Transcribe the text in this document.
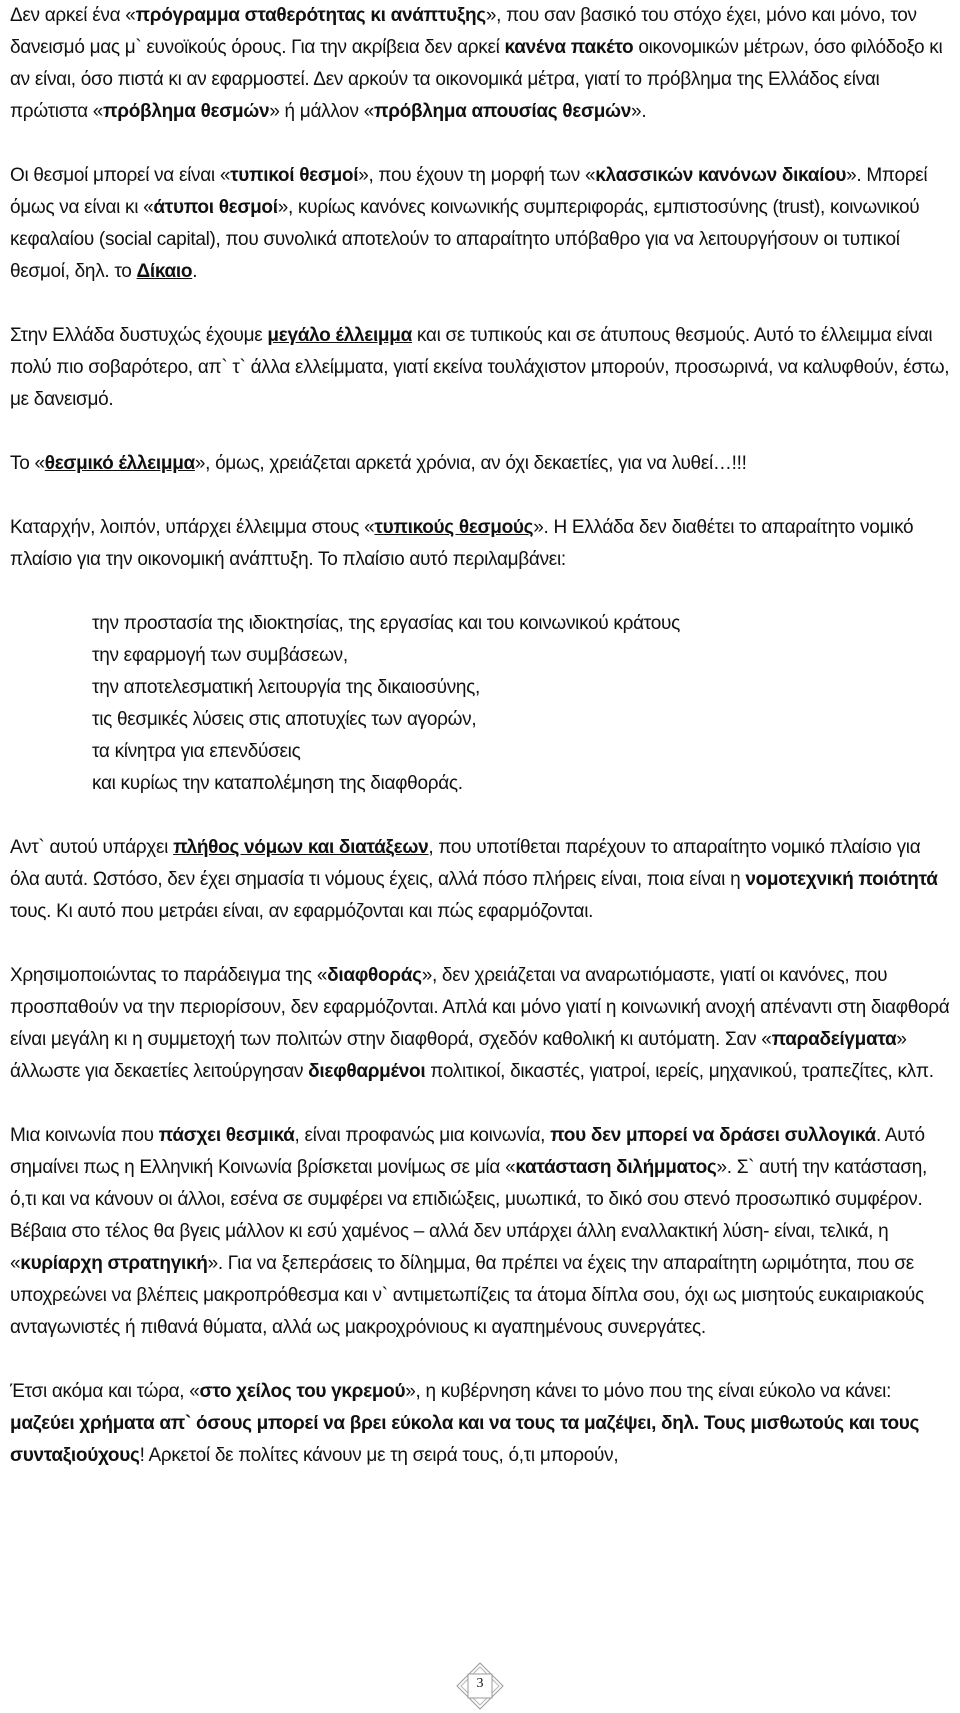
Δεν αρκεί ένα «πρόγραμμα σταθερότητας κι ανάπτυξης», που σαν βασικό του στόχο έχει, μόνο και μόνο, τον δανεισμό μας μ` ευνοϊκούς όρους. Για την ακρίβεια δεν αρκεί κανένα πακέτο οικονομικών μέτρων, όσο φιλόδοξο κι αν είναι, όσο πιστά κι αν εφαρμοστεί. Δεν αρκούν τα οικονομικά μέτρα, γιατί το πρόβλημα της Ελλάδος είναι πρώτιστα «πρόβλημα θεσμών» ή μάλλον «πρόβλημα απουσίας θεσμών».

Οι θεσμοί μπορεί να είναι «τυπικοί θεσμοί», που έχουν τη μορφή των «κλασσικών κανόνων δικαίου». Μπορεί όμως να είναι κι «άτυποι θεσμοί», κυρίως κανόνες κοινωνικής συμπεριφοράς, εμπιστοσύνης (trust), κοινωνικού κεφαλαίου (social capital), που συνολικά αποτελούν το απαραίτητο υπόβαθρο για να λειτουργήσουν οι τυπικοί θεσμοί, δηλ. το Δίκαιο.

Στην Ελλάδα δυστυχώς έχουμε μεγάλο έλλειμμα και σε τυπικούς και σε άτυπους θεσμούς. Αυτό το έλλειμμα είναι πολύ πιο σοβαρότερο, απ` τ` άλλα ελλείμματα, γιατί εκείνα τουλάχιστον μπορούν, προσωρινά, να καλυφθούν, έστω, με δανεισμό.

Το «θεσμικό έλλειμμα», όμως, χρειάζεται αρκετά χρόνια, αν όχι δεκαετίες, για να λυθεί…!!!

Καταρχήν, λοιπόν, υπάρχει έλλειμμα στους «τυπικούς θεσμούς». Η Ελλάδα δεν διαθέτει το απαραίτητο νομικό πλαίσιο για την οικονομική ανάπτυξη. Το πλαίσιο αυτό περιλαμβάνει:

την προστασία της ιδιοκτησίας, της εργασίας και του κοινωνικού κράτους
την εφαρμογή των συμβάσεων,
την αποτελεσματική λειτουργία της δικαιοσύνης,
τις θεσμικές λύσεις στις αποτυχίες των αγορών,
τα κίνητρα για επενδύσεις
και κυρίως την καταπολέμηση της διαφθοράς.

Αντ` αυτού υπάρχει πλήθος νόμων και διατάξεων, που υποτίθεται παρέχουν το απαραίτητο νομικό πλαίσιο για όλα αυτά. Ωστόσο, δεν έχει σημασία τι νόμους έχεις, αλλά πόσο πλήρεις είναι, ποια είναι η νομοτεχνική ποιότητά τους. Κι αυτό που μετράει είναι, αν εφαρμόζονται και πώς εφαρμόζονται.

Χρησιμοποιώντας το παράδειγμα της «διαφθοράς», δεν χρειάζεται να αναρωτιόμαστε, γιατί οι κανόνες, που προσπαθούν να την περιορίσουν, δεν εφαρμόζονται. Απλά και μόνο γιατί η κοινωνική ανοχή απέναντι στη διαφθορά είναι μεγάλη κι η συμμετοχή των πολιτών στην διαφθορά, σχεδόν καθολική κι αυτόματη. Σαν «παραδείγματα» άλλωστε για δεκαετίες λειτούργησαν διεφθαρμένοι πολιτικοί, δικαστές, γιατροί, ιερείς, μηχανικού, τραπεζίτες, κλπ.

Μια κοινωνία που πάσχει θεσμικά, είναι προφανώς μια κοινωνία, που δεν μπορεί να δράσει συλλογικά. Αυτό σημαίνει πως η Ελληνική Κοινωνία βρίσκεται μονίμως σε μία «κατάσταση διλήμματος». Σ` αυτή την κατάσταση, ό,τι και να κάνουν οι άλλοι, εσένα σε συμφέρει να επιδιώξεις, μυωπικά, το δικό σου στενό προσωπικό συμφέρον. Βέβαια στο τέλος θα βγεις μάλλον κι εσύ χαμένος – αλλά δεν υπάρχει άλλη εναλλακτική λύση- είναι, τελικά, η «κυρίαρχη στρατηγική». Για να ξεπεράσεις το δίλημμα, θα πρέπει να έχεις την απαραίτητη ωριμότητα, που σε υποχρεώνει να βλέπεις μακροπρόθεσμα και ν` αντιμετωπίζεις τα άτομα δίπλα σου, όχι ως μισητούς ευκαιριακούς ανταγωνιστές ή πιθανά θύματα, αλλά ως μακροχρόνιους κι αγαπημένους συνεργάτες.

Έτσι ακόμα και τώρα, «στο χείλος του γκρεμού», η κυβέρνηση κάνει το μόνο που της είναι εύκολο να κάνει: μαζεύει χρήματα απ` όσους μπορεί να βρει εύκολα και να τους τα μαζέψει, δηλ. Τους μισθωτούς και τους συνταξιούχους! Αρκετοί δε πολίτες κάνουν με τη σειρά τους, ό,τι μπορούν,

3
